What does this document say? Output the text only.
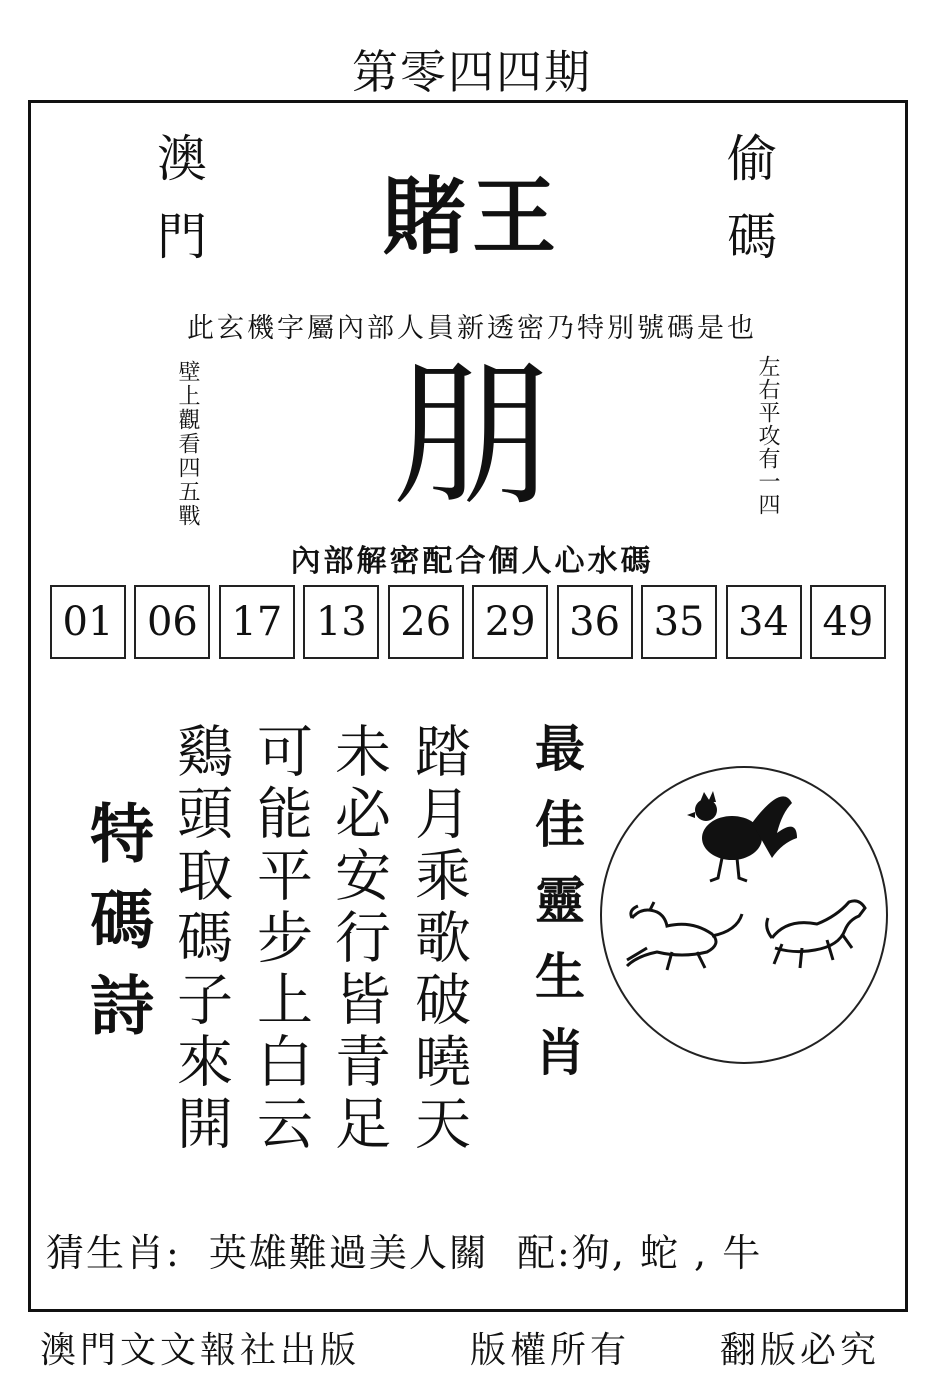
第零四四期
澳門	偷碼
賭王
此玄機字屬內部人員新透密乃特別號碼是也
壁上觀看四五戰	左右平攻有一四
朋
內部解密配合個人心水碼
01 06 17 13 26 29 36 35 34 49
特碼詩	踏月乘歌破曉天
未必安行皆青足
可能平步上白云
鷄頭取碼子來開	最佳靈生肖
猜生肖: 英雄難過美人關 配:狗, 蛇 , 牛
澳門文文報社出版	版權所有 翻版必究
